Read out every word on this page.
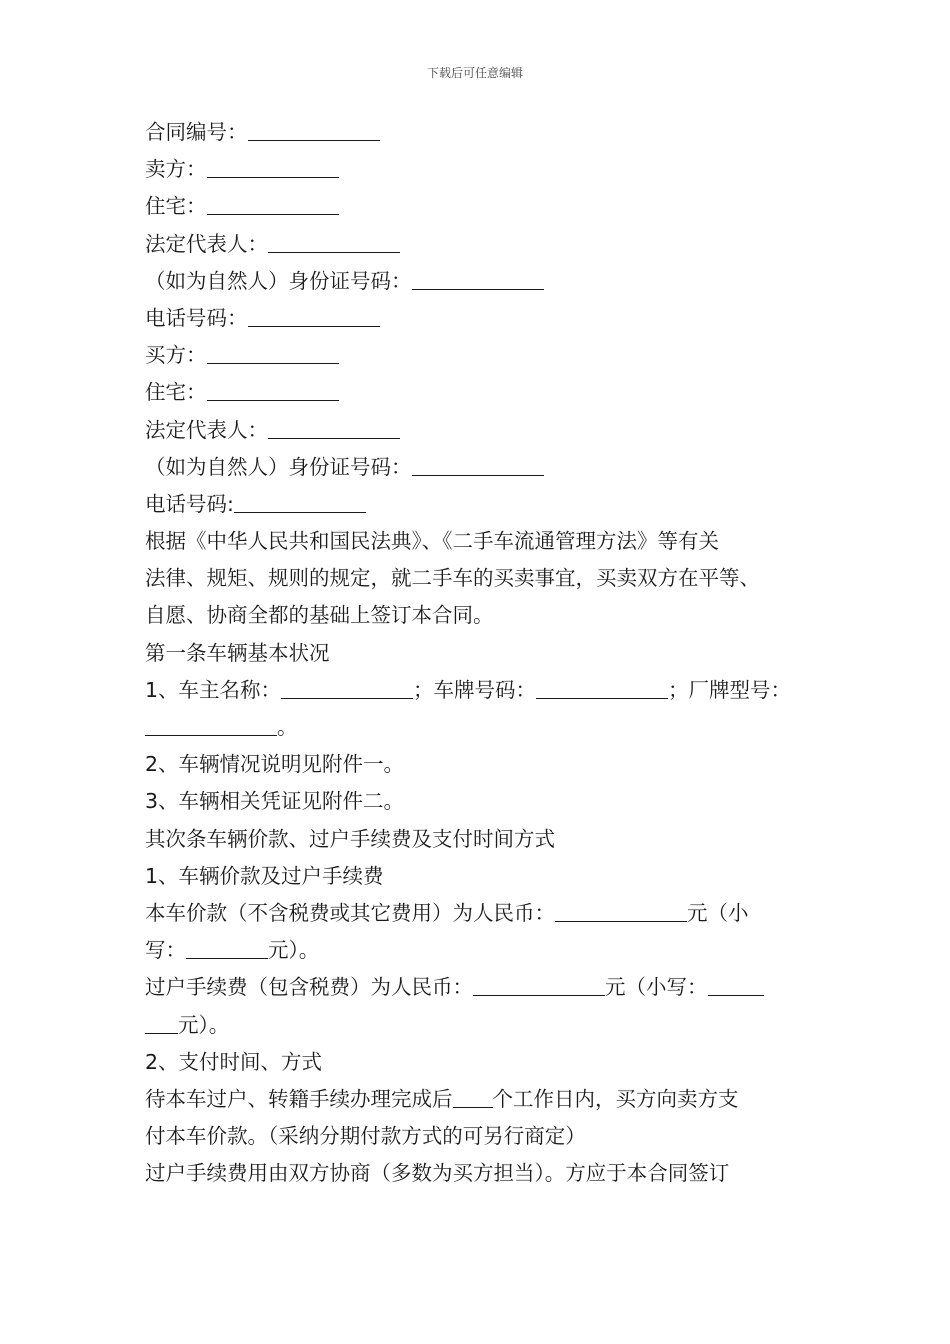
下载后可任意编辑
合同编号：
卖方：
住宅：
法定代表人：
（如为自然人）身份证号码：
电话号码：
买方：
住宅：
法定代表人：
（如为自然人）身份证号码：
电话号码:
根据《中华人民共和国民法典》、《二手车流通管理方法》等有关
法律、规矩、规则的规定，就二手车的买卖事宜，买卖双方在平等、
自愿、协商全都的基础上签订本合同。
第一条车辆基本状况
1、车主名称：	；车牌号码：	；厂牌型号：
。
2、车辆情况说明见附件一。
3、车辆相关凭证见附件二。
其次条车辆价款、过户手续费及支付时间方式
1、车辆价款及过户手续费
本车价款（不含税费或其它费用）为人民币：	元（小
写：	元）。
过户手续费（包含税费）为人民币：	元（小写：
元）。
2、支付时间、方式
待本车过户、转籍手续办理完成后 个工作日内，买方向卖方支
付本车价款。（采纳分期付款方式的可另行商定）
过户手续费用由双方协商（多数为买方担当）。方应于本合同签订
